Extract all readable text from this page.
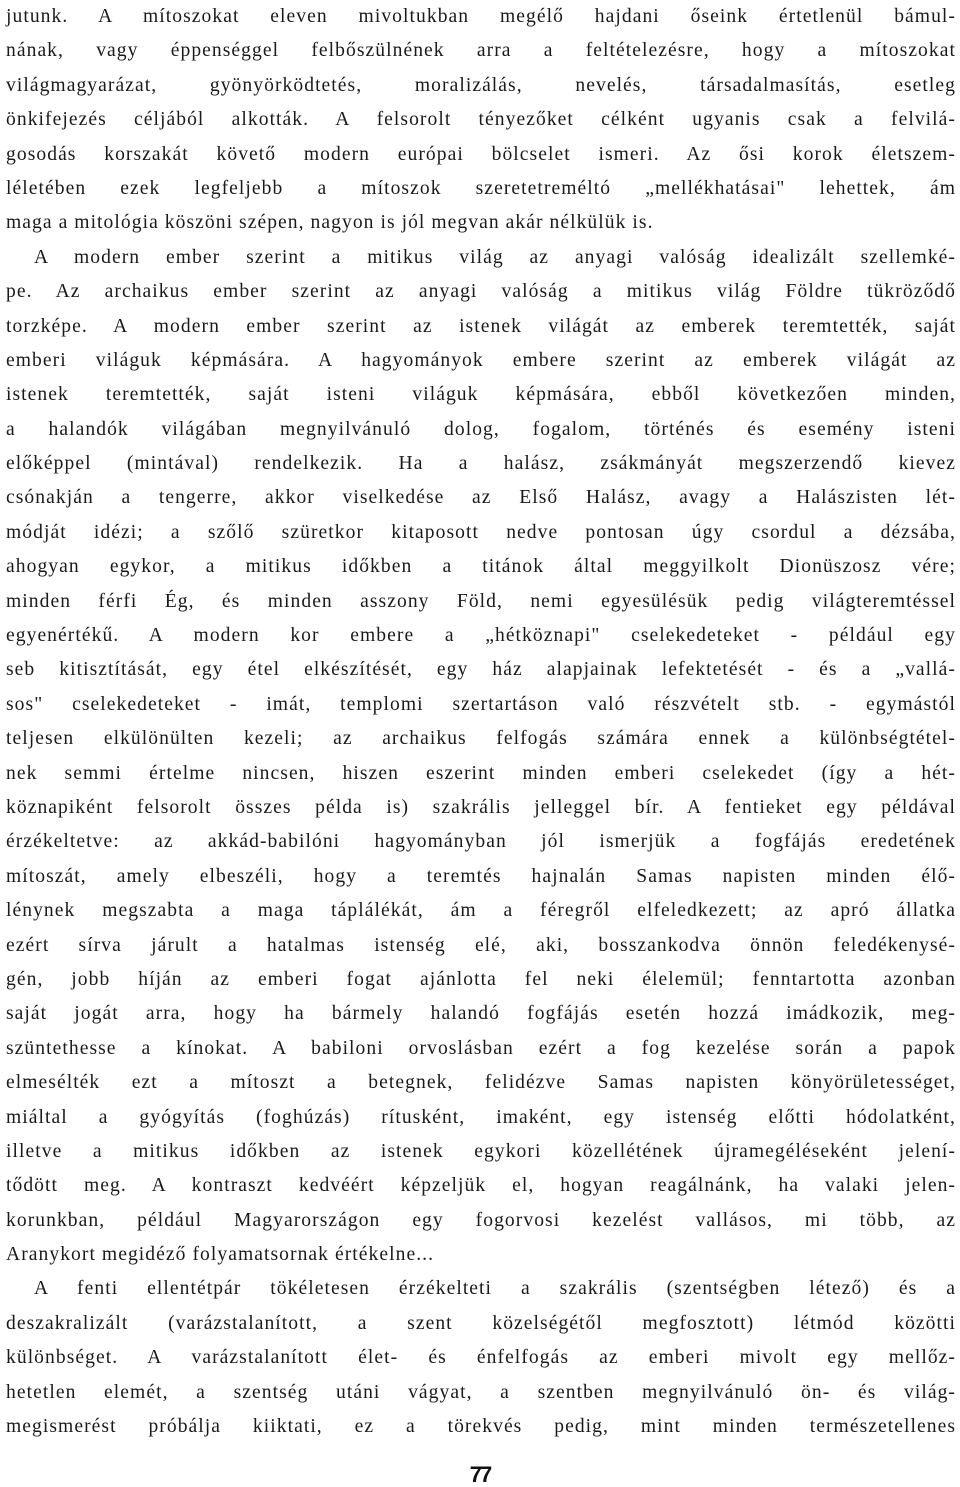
jutunk. A mítoszokat eleven mivoltukban megélő hajdani őseink értetlenül bámul-
nának, vagy éppenséggel felbőszülnének arra a feltételezésre, hogy a mítoszokat
világmagyarázat, gyönyörködtetés, moralizálás, nevelés, társadalmasítás, esetleg
önkifejezés céljából alkották. A felsorolt tényezőket célként ugyanis csak a felvilá-
gosodás korszakát követő modern európai bölcselet ismeri. Az ősi korok életszem-
léletében ezek legfeljebb a mítoszok szeretetreméltó „mellékhatásai" lehettek, ám
maga a mitológia köszöni szépen, nagyon is jól megvan akár nélkülük is.
A modern ember szerint a mitikus világ az anyagi valóság idealizált szellemké-
pe. Az archaikus ember szerint az anyagi valóság a mitikus világ Földre tükröződő
torzképe. A modern ember szerint az istenek világát az emberek teremtették, saját
emberi világuk képmására. A hagyományok embere szerint az emberek világát az
istenek teremtették, saját isteni világuk képmására, ebből következően minden,
a halandók világában megnyilvánuló dolog, fogalom, történés és esemény isteni
előképpel (mintával) rendelkezik. Ha a halász, zsákmányát megszerzendő kievez
csónakján a tengerre, akkor viselkedése az Első Halász, avagy a Halászisten lét-
módját idézi; a szőlő szüretkor kitaposott nedve pontosan úgy csordul a dézsába,
ahogyan egykor, a mitikus időkben a titánok által meggyilkolt Dionüszosz vére;
minden férfi Ég, és minden asszony Föld, nemi egyesülésük pedig világteremtéssel
egyenértékű. A modern kor embere a „hétköznapi" cselekedeteket - például egy
seb kitisztítását, egy étel elkészítését, egy ház alapjainak lefektetését - és a „vallá-
sos" cselekedeteket - imát, templomi szertartáson való részvételt stb. - egymástól
teljesen elkülönülten kezeli; az archaikus felfogás számára ennek a különbségtétel-
nek semmi értelme nincsen, hiszen eszerint minden emberi cselekedet (így a hét-
köznapiként felsorolt összes példa is) szakrális jelleggel bír. A fentieket egy példával
érzékeltetve: az akkád-babilóni hagyományban jól ismerjük a fogfájás eredetének
mítoszát, amely elbeszéli, hogy a teremtés hajnalán Samas napisten minden élő-
lénynek megszabta a maga táplálékát, ám a féregről elfeledkezett; az apró állatka
ezért sírva járult a hatalmas istenség elé, aki, bosszankodva önnön feledékenysé-
gén, jobb híján az emberi fogat ajánlotta fel neki élelemül; fenntartotta azonban
saját jogát arra, hogy ha bármely halandó fogfájás esetén hozzá imádkozik, meg-
szüntethesse a kínokat. A babiloni orvoslásban ezért a fog kezelése során a papok
elmesélték ezt a mítoszt a betegnek, felidézve Samas napisten könyörületességet,
miáltal a gyógyítás (foghúzás) rítusként, imaként, egy istenség előtti hódolatként,
illetve a mitikus időkben az istenek egykori közellétének újramegéléseként jelení-
tődött meg. A kontraszt kedvéért képzeljük el, hogyan reagálnánk, ha valaki jelen-
korunkban, például Magyarországon egy fogorvosi kezelést vallásos, mi több, az
Aranykort megidéző folyamatsornak értékelne...
A fenti ellentétpár tökéletesen érzékelteti a szakrális (szentségben létező) és a
deszakralizált (varázstalanított, a szent közelségétől megfosztott) létmód közötti
különbséget. A varázstalanított élet- és énfelfogás az emberi mivolt egy mellőz-
hetetlen elemét, a szentség utáni vágyat, a szentben megnyilvánuló ön- és világ-
megismerést próbálja kiiktati, ez a törekvés pedig, mint minden természetellenes
77
